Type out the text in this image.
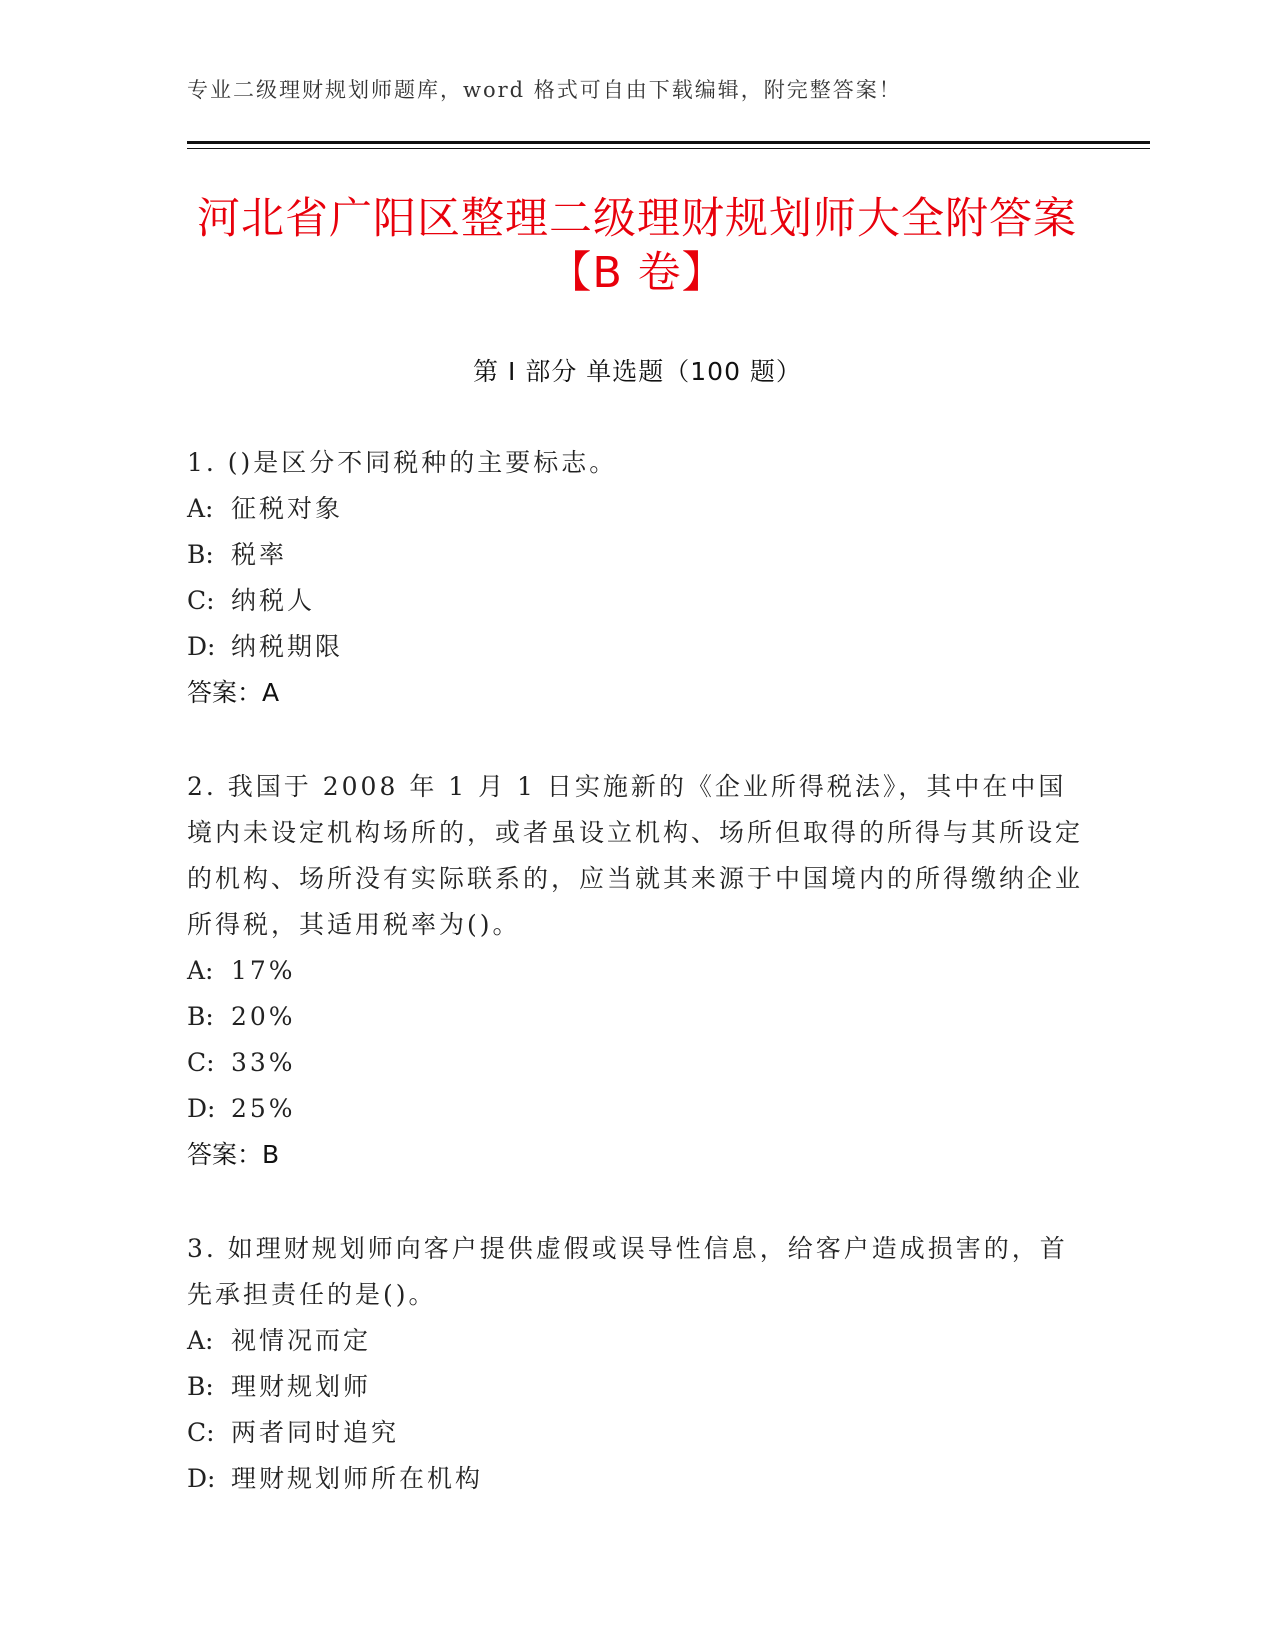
专业二级理财规划师题库，word 格式可自由下载编辑，附完整答案！
河北省广阳区整理二级理财规划师大全附答案【B 卷】
第 I 部分 单选题（100 题）

1. ()是区分不同税种的主要标志。

A: 征税对象
B: 税率
C: 纳税人
D: 纳税期限
答案：A

2. 我国于 2008 年 1 月 1 日实施新的《企业所得税法》，其中在中国境内未设定机构场所的，或者虽设立机构、场所但取得的所得与其所设定的机构、场所没有实际联系的，应当就其来源于中国境内的所得缴纳企业所得税，其适用税率为()。

A: 17%
B: 20%
C: 33%
D: 25%
答案：B

3. 如理财规划师向客户提供虚假或误导性信息，给客户造成损害的，首先承担责任的是()。

A: 视情况而定
B: 理财规划师
C: 两者同时追究
D: 理财规划师所在机构
